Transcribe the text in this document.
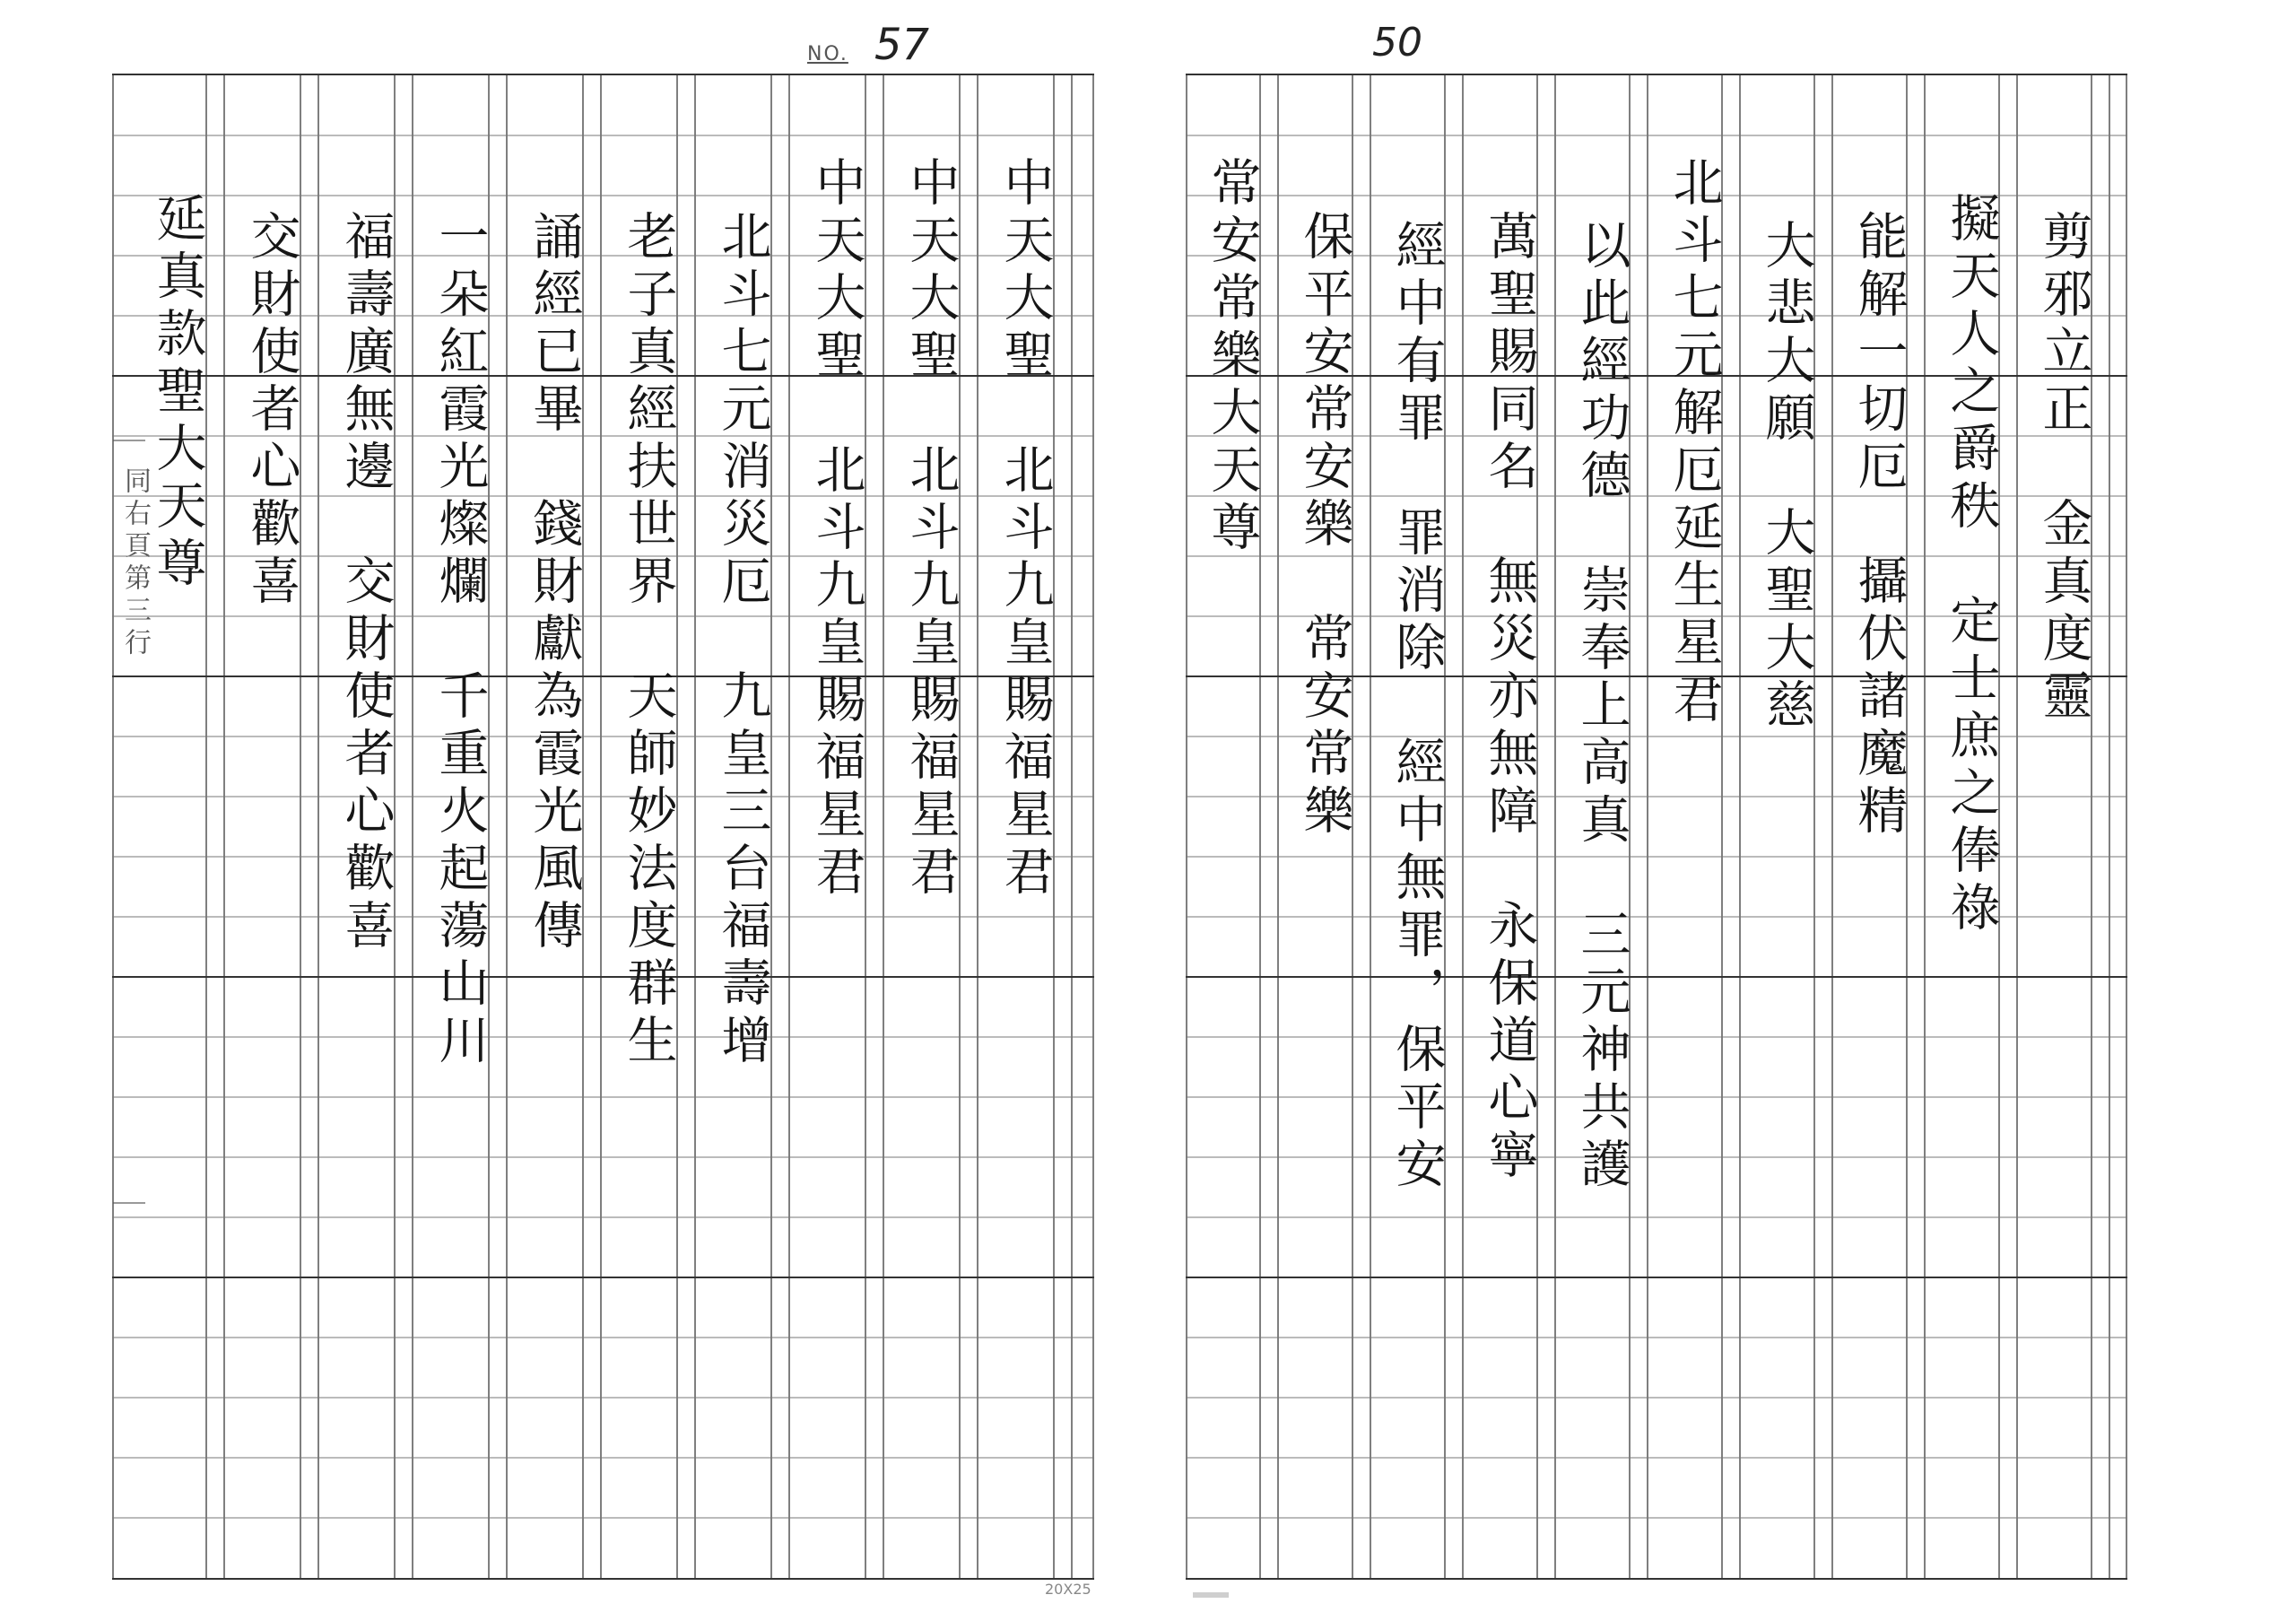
NO. 57	50
同右頁第三行	中天大聖　北斗九皇賜福星君
中天大聖　北斗九皇賜福星君
中天大聖　北斗九皇賜福星君
北斗七元消災厄　九皇三台福壽增
老子真經扶世界　天師妙法度群生
誦經已畢　錢財獻為霞光風傳
一朵紅霞光燦爛　千重火起蕩山川
福壽廣無邊　交財使者心歡喜
交財使者心歡喜
延真款聖大天尊	剪邪立正　金真度靈
擬天人之爵秩　定士庶之俸祿
能解一切厄　攝伏諸魔精
大悲大願　大聖大慈
北斗七元解厄延生星君
以此經功德　崇奉上高真　三元神共護
萬聖賜同名　無災亦無障　永保道心寧
經中有罪　罪消除　經中無罪，保平安
保平安常安樂　常安常樂
常安常樂大天尊
20X25
